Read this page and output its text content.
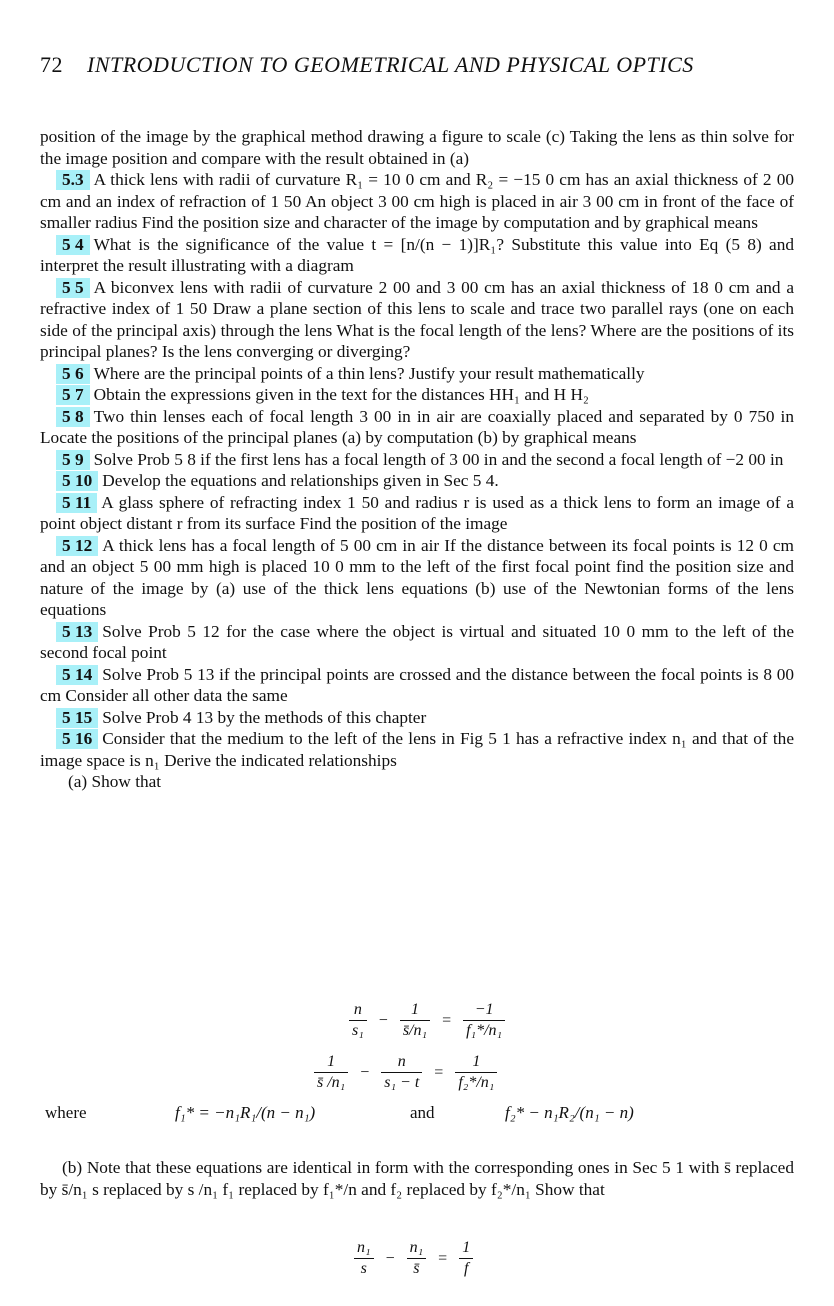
72 INTRODUCTION TO GEOMETRICAL AND PHYSICAL OPTICS

position of the image by the graphical method drawing a figure to scale (c) Taking the lens as thin solve for the image position and compare with the result obtained in (a)

5.3 A thick lens with radii of curvature R₁ = 10 0 cm and R₂ = −15 0 cm has an axial thickness of 2 00 cm and an index of refraction of 1 50 An object 3 00 cm high is placed in air 3 00 cm in front of the face of smaller radius Find the position size and character of the image by computation and by graphical means

5 4 What is the significance of the value t = [n/(n − 1)]R₁? Substitute this value into Eq (5 8) and interpret the result illustrating with a diagram

5 5 A biconvex lens with radii of curvature 2 00 and 3 00 cm has an axial thickness of 18 0 cm and a refractive index of 1 50 Draw a plane section of this lens to scale and trace two parallel rays (one on each side of the principal axis) through the lens What is the focal length of the lens? Where are the positions of its principal planes? Is the lens converging or diverging?

5 6 Where are the principal points of a thin lens? Justify your result mathematically

5 7 Obtain the expressions given in the text for the distances HH₁ and H H₂

5 8 Two thin lenses each of focal length 3 00 in in air are coaxially placed and separated by 0 750 in Locate the positions of the principal planes (a) by computation (b) by graphical means

5 9 Solve Prob 5 8 if the first lens has a focal length of 3 00 in and the second a focal length of −2 00 in

5 10 Develop the equations and relationships given in Sec 5 4.

5 11 A glass sphere of refracting index 1 50 and radius r is used as a thick lens to form an image of a point object distant r from its surface Find the position of the image

5 12 A thick lens has a focal length of 5 00 cm in air If the distance between its focal points is 12 0 cm and an object 5 00 mm high is placed 10 0 mm to the left of the first focal point find the position size and nature of the image by (a) use of the thick lens equations (b) use of the Newtonian forms of the lens equations

5 13 Solve Prob 5 12 for the case where the object is virtual and situated 10 0 mm to the left of the second focal point

5 14 Solve Prob 5 13 if the principal points are crossed and the distance between the focal points is 8 00 cm Consider all other data the same

5 15 Solve Prob 4 13 by the methods of this chapter

5 16 Consider that the medium to the left of the lens in Fig 5 1 has a refractive index n₁ and that of the image space is n₁ Derive the indicated relationships

(a) Show that

$\frac{n}{\text{s₁}} - \frac{1}{\text{s̄/n₁}} = \frac{-1}{\text{f₁*/n₁}}$
$\frac{1}{\text{s̄ /n₁}} - \frac{n}{\text{s₁ − t}} = \frac{1}{\text{f₂*/n₁}}$
where	f₁* = −n₁R₁/(n − n₁)	and	f₂* − n₁R₂/(n₁ − n)

(b) Note that these equations are identical in form with the corresponding ones in Sec 5 1 with s̄ replaced by s̄/n₁ s replaced by s /n₁ f₁ replaced by f₁*/n and f₂ replaced by f₂*/n₁ Show that

$\frac{\text{n₁}}{s} - \frac{\text{n₁}}{s̄} = \frac{1}{f}$
